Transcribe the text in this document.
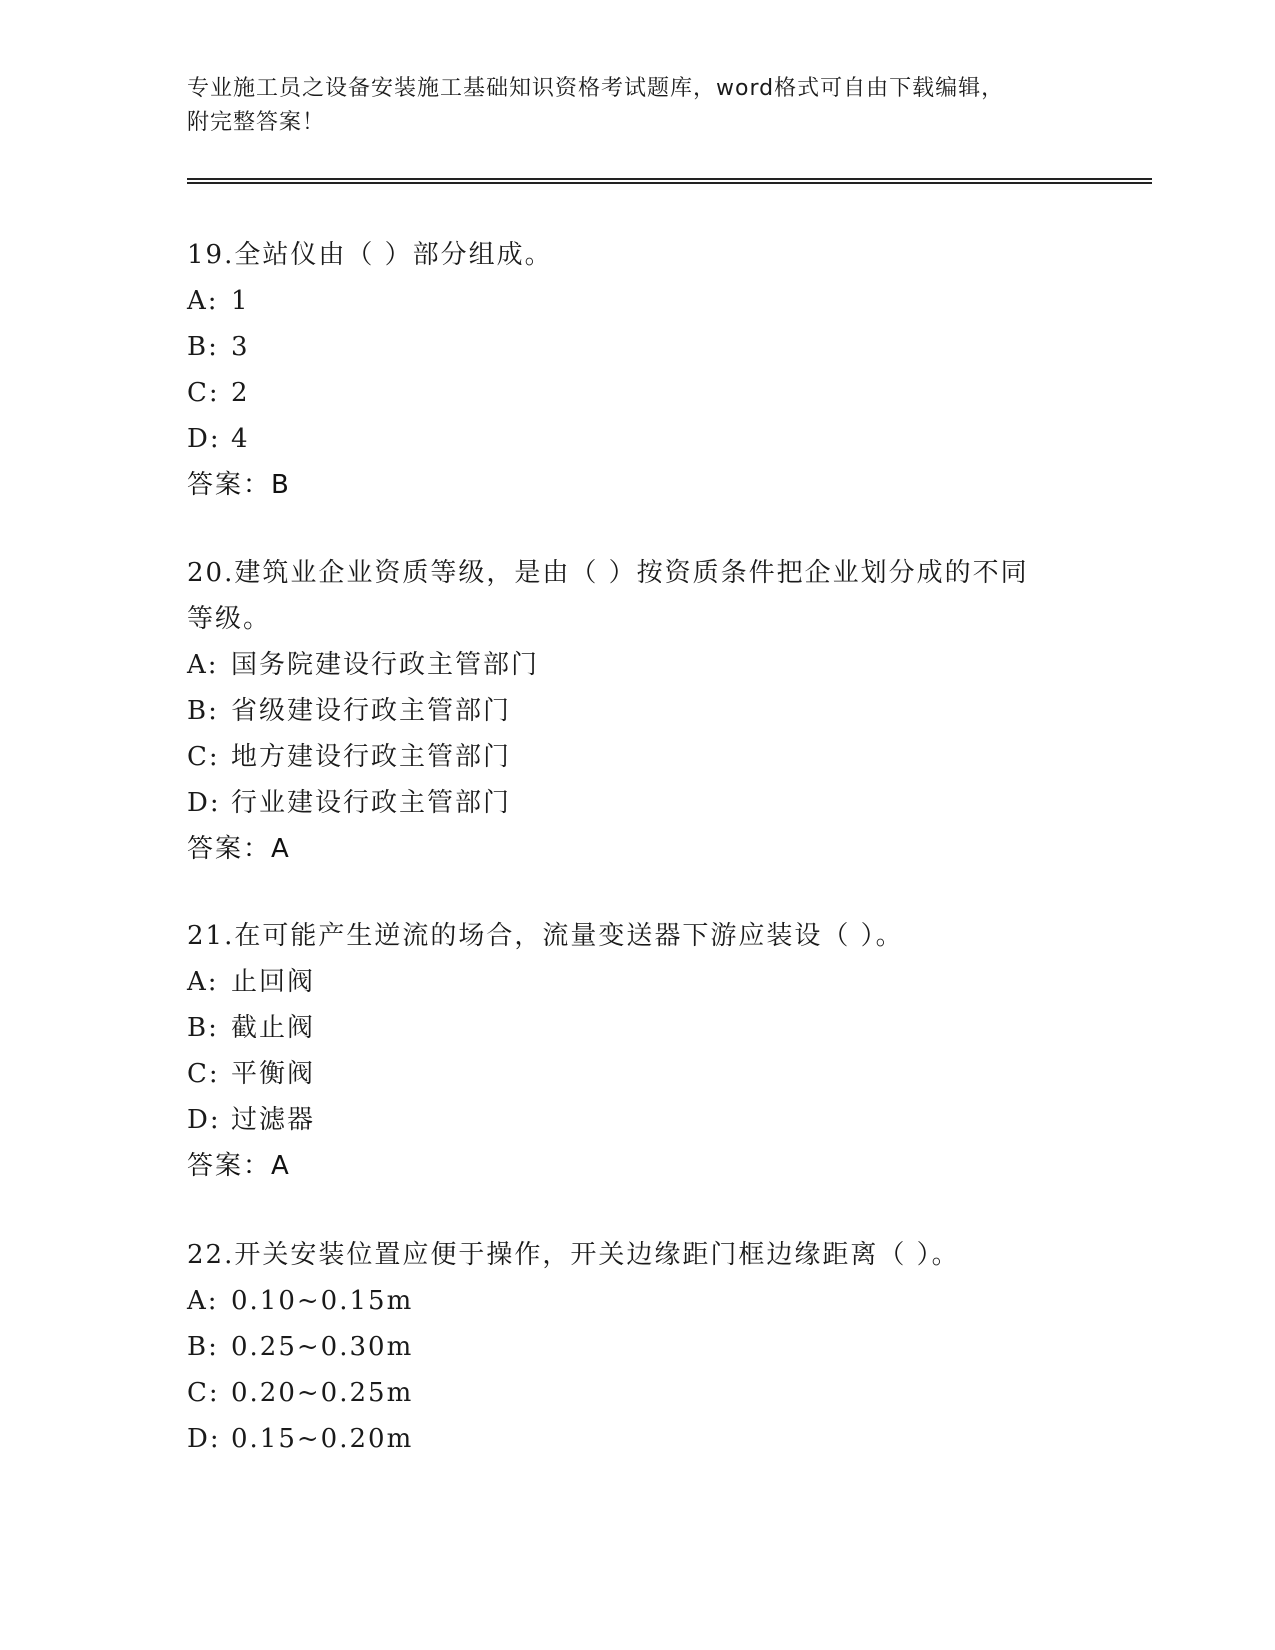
专业施工员之设备安装施工基础知识资格考试题库，word格式可自由下载编辑，
附完整答案！
19.全站仪由（ ）部分组成。
A: 1
B: 3
C: 2
D: 4
答案：B
20.建筑业企业资质等级，是由（ ）按资质条件把企业划分成的不同
等级。
A: 国务院建设行政主管部门
B: 省级建设行政主管部门
C: 地方建设行政主管部门
D: 行业建设行政主管部门
答案：A
21.在可能产生逆流的场合，流量变送器下游应装设（ ）。
A: 止回阀
B: 截止阀
C: 平衡阀
D: 过滤器
答案：A
22.开关安装位置应便于操作，开关边缘距门框边缘距离（ ）。
A: 0.10~0.15m
B: 0.25~0.30m
C: 0.20~0.25m
D: 0.15~0.20m
